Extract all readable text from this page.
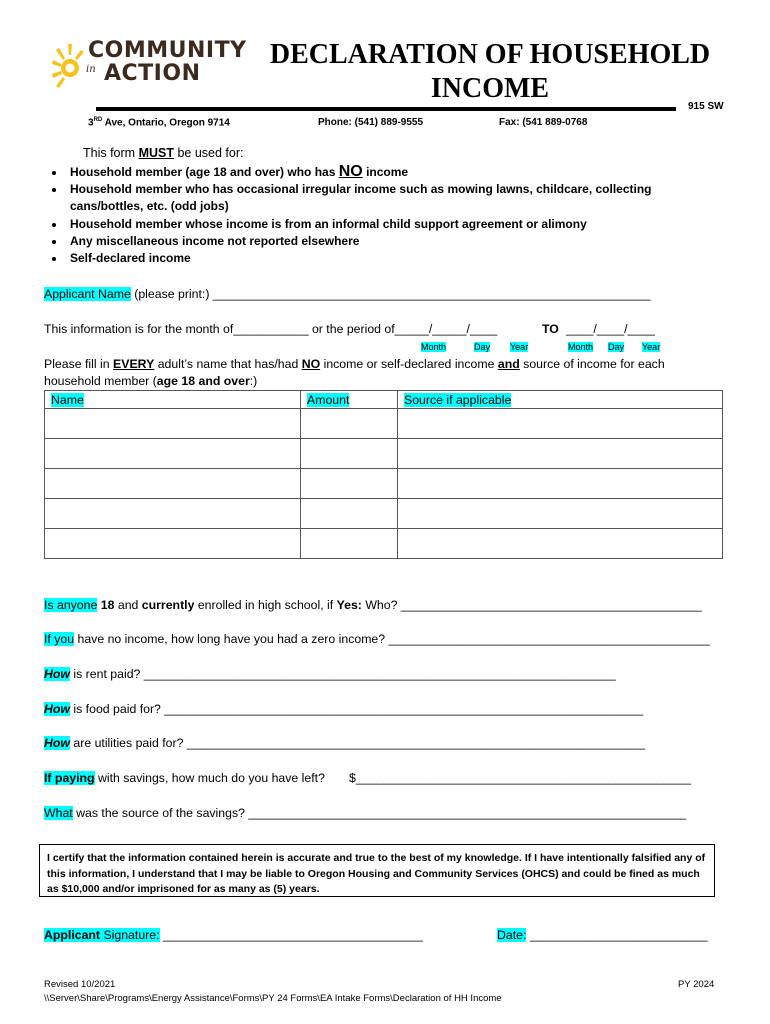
COMMUNITY
in ACTION
DECLARATION OF HOUSEHOLD
INCOME
915 SW
3RD Ave, Ontario, Oregon 9714	Phone: (541) 889-9555	Fax: (541 889-0768
This form MUST be used for:
• Household member (age 18 and over) who has NO income
• Household member who has occasional irregular income such as mowing lawns, childcare, collecting cans/bottles, etc. (odd jobs)
• Household member whose income is from an informal child support agreement or alimony
• Any miscellaneous income not reported elsewhere
• Self-declared income
Applicant Name (please print:) ________________________________________________________________
This information is for the month of___________ or the period of_____/_____/____	TO ____/____/____
Month	Day Year	Month Day Year
Please fill in EVERY adult’s name that has/had NO income or self-declared income and source of income for each
household member (age 18 and over:)
Name	Amount	Source if applicable

Is anyone 18 and currently enrolled in high school, if Yes: Who? ____________________________________________
If you have no income, how long have you had a zero income? _______________________________________________
How is rent paid? _____________________________________________________________________
How is food paid for? ______________________________________________________________________
How are utilities paid for? ___________________________________________________________________
If paying with savings, how much do you have left? $_________________________________________________
What was the source of the savings? ________________________________________________________________
I certify that the information contained herein is accurate and true to the best of my knowledge. If I have intentionally falsified any of this information, I understand that I may be liable to Oregon Housing and Community Services (OHCS) and could be fined as much as $10,000 and/or imprisoned for as many as (5) years.
Applicant Signature: ______________________________________	Date: __________________________
Revised 10/2021
\\Server\Share\Programs\Energy Assistance\Forms\PY 24 Forms\EA Intake Forms\Declaration of HH Income
PY 2024
